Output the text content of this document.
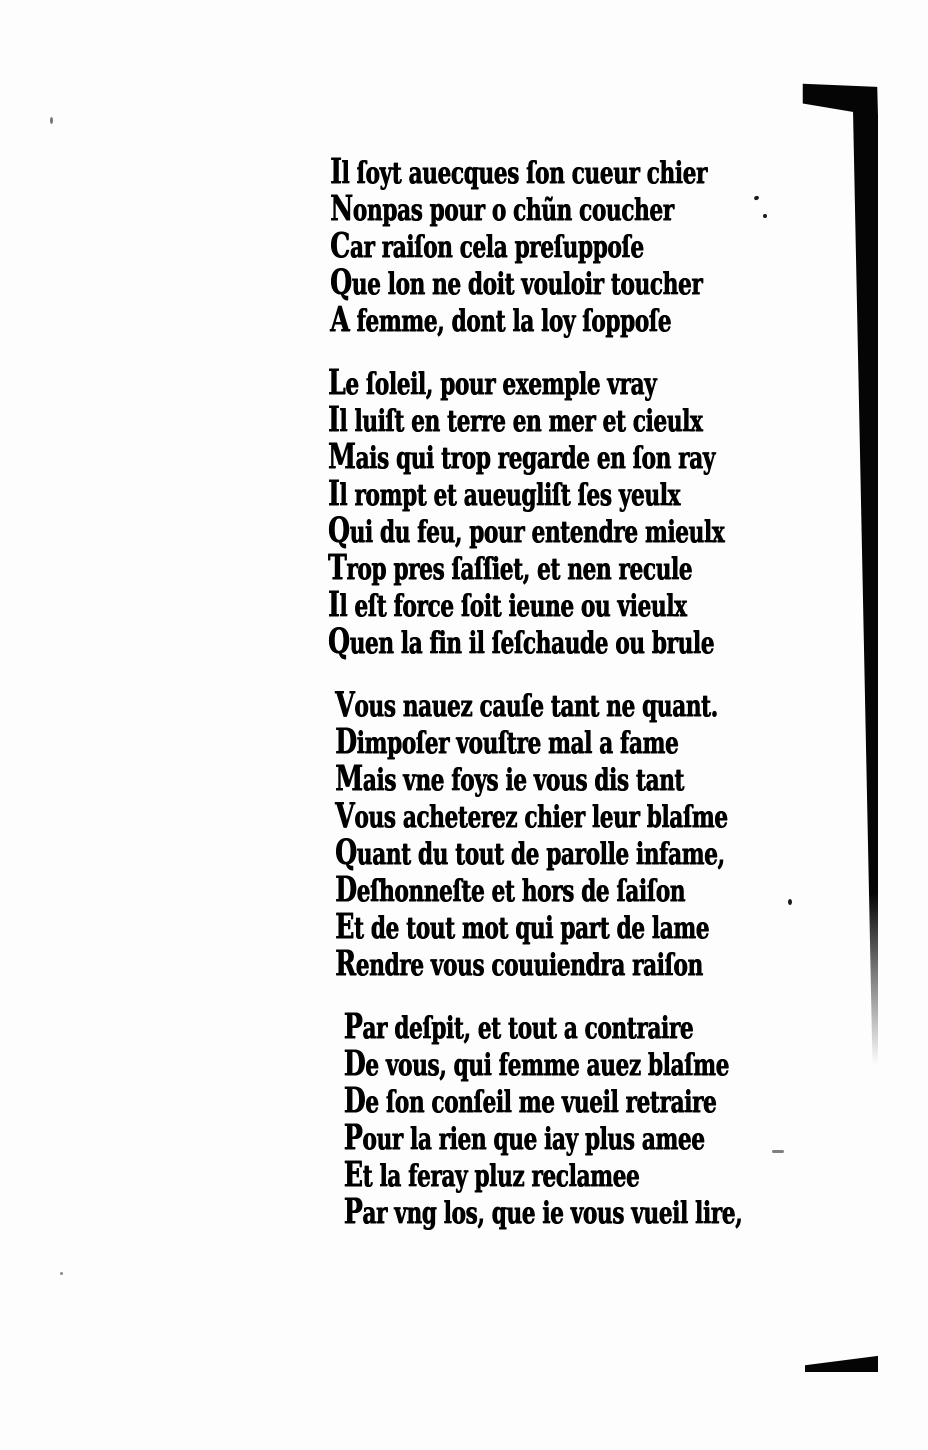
Il ſoyt auecques ſon cueur chier
Nonpas pour o chũn coucher
Car raiſon cela preſuppoſe
Que lon ne doit vouloir toucher
A femme, dont la loy ſoppoſe
Le ſoleil, pour exemple vray
Il luiſt en terre en mer et cieulx
Mais qui trop regarde en ſon ray
Il rompt et aueugliſt ſes yeulx
Qui du feu, pour entendre mieulx
Trop pres ſaſſiet, et nen recule
Il eſt force ſoit ieune ou vieulx
Quen la fin il ſeſchaude ou brule
Vous nauez cauſe tant ne quant.
Dimpoſer vouſtre mal a fame
Mais vne foys ie vous dis tant
Vous acheterez chier leur blaſme
Quant du tout de parolle infame,
Deſhonneſte et hors de ſaiſon
Et de tout mot qui part de lame
Rendre vous couuiendra raiſon
Par deſpit, et tout a contraire
De vous, qui femme auez blaſme
De ſon conſeil me vueil retraire
Pour la rien que iay plus amee
Et la feray pluz reclamee
Par vng los, que ie vous vueil lire,
